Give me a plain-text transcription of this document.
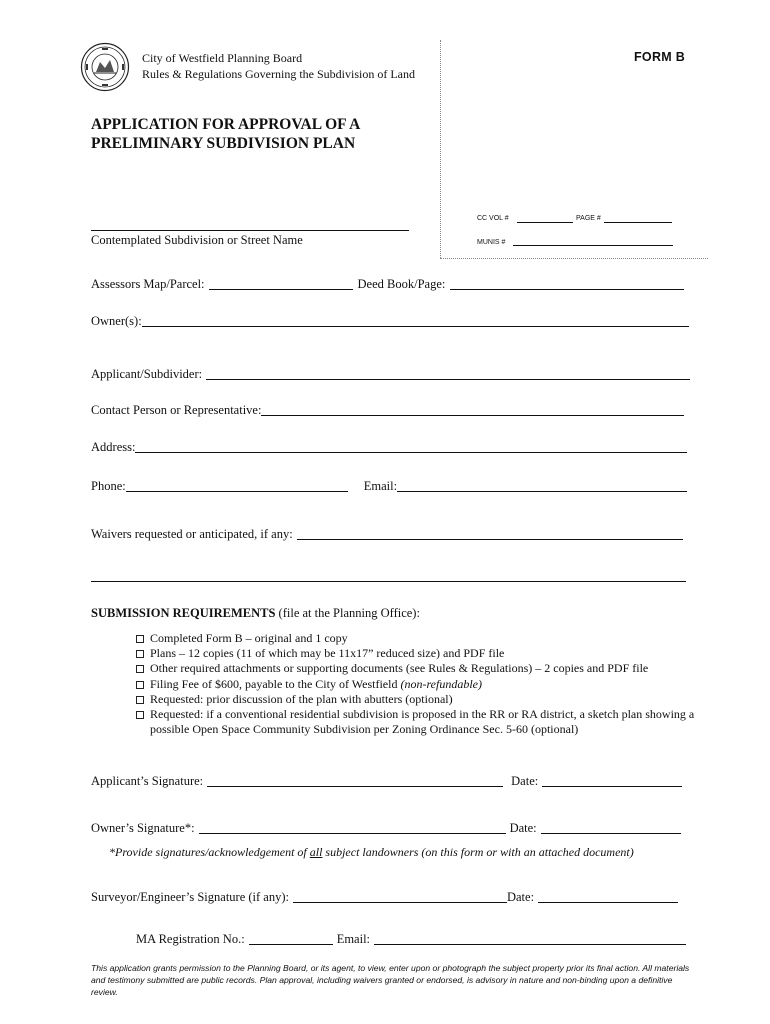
City of Westfield Planning Board
Rules & Regulations Governing the Subdivision of Land
FORM B
APPLICATION FOR APPROVAL OF A
PRELIMINARY SUBDIVISION PLAN
CC VOL #	PAGE #
MUNIS #
Contemplated Subdivision or Street Name
Assessors Map/Parcel:	Deed Book/Page:
Owner(s):
Applicant/Subdivider:
Contact Person or Representative:
Address:
Phone:	Email:
Waivers requested or anticipated, if any:
SUBMISSION REQUIREMENTS (file at the Planning Office):
Completed Form B – original and 1 copy
Plans – 12 copies (11 of which may be 11x17” reduced size) and PDF file
Other required attachments or supporting documents (see Rules & Regulations) – 2 copies and PDF file
Filing Fee of $600, payable to the City of Westfield (non-refundable)
Requested: prior discussion of the plan with abutters (optional)
Requested: if a conventional residential subdivision is proposed in the RR or RA district, a sketch plan showing a possible Open Space Community Subdivision per Zoning Ordinance Sec. 5-60 (optional)
Applicant’s Signature:	Date:
Owner’s Signature*:	Date:
*Provide signatures/acknowledgement of all subject landowners (on this form or with an attached document)
Surveyor/Engineer’s Signature (if any):	Date:
MA Registration No.:	Email:
This application grants permission to the Planning Board, or its agent, to view, enter upon or photograph the subject property prior its final action. All materials and testimony submitted are public records. Plan approval, including waivers granted or endorsed, is advisory in nature and non-binding upon a definitive review.
